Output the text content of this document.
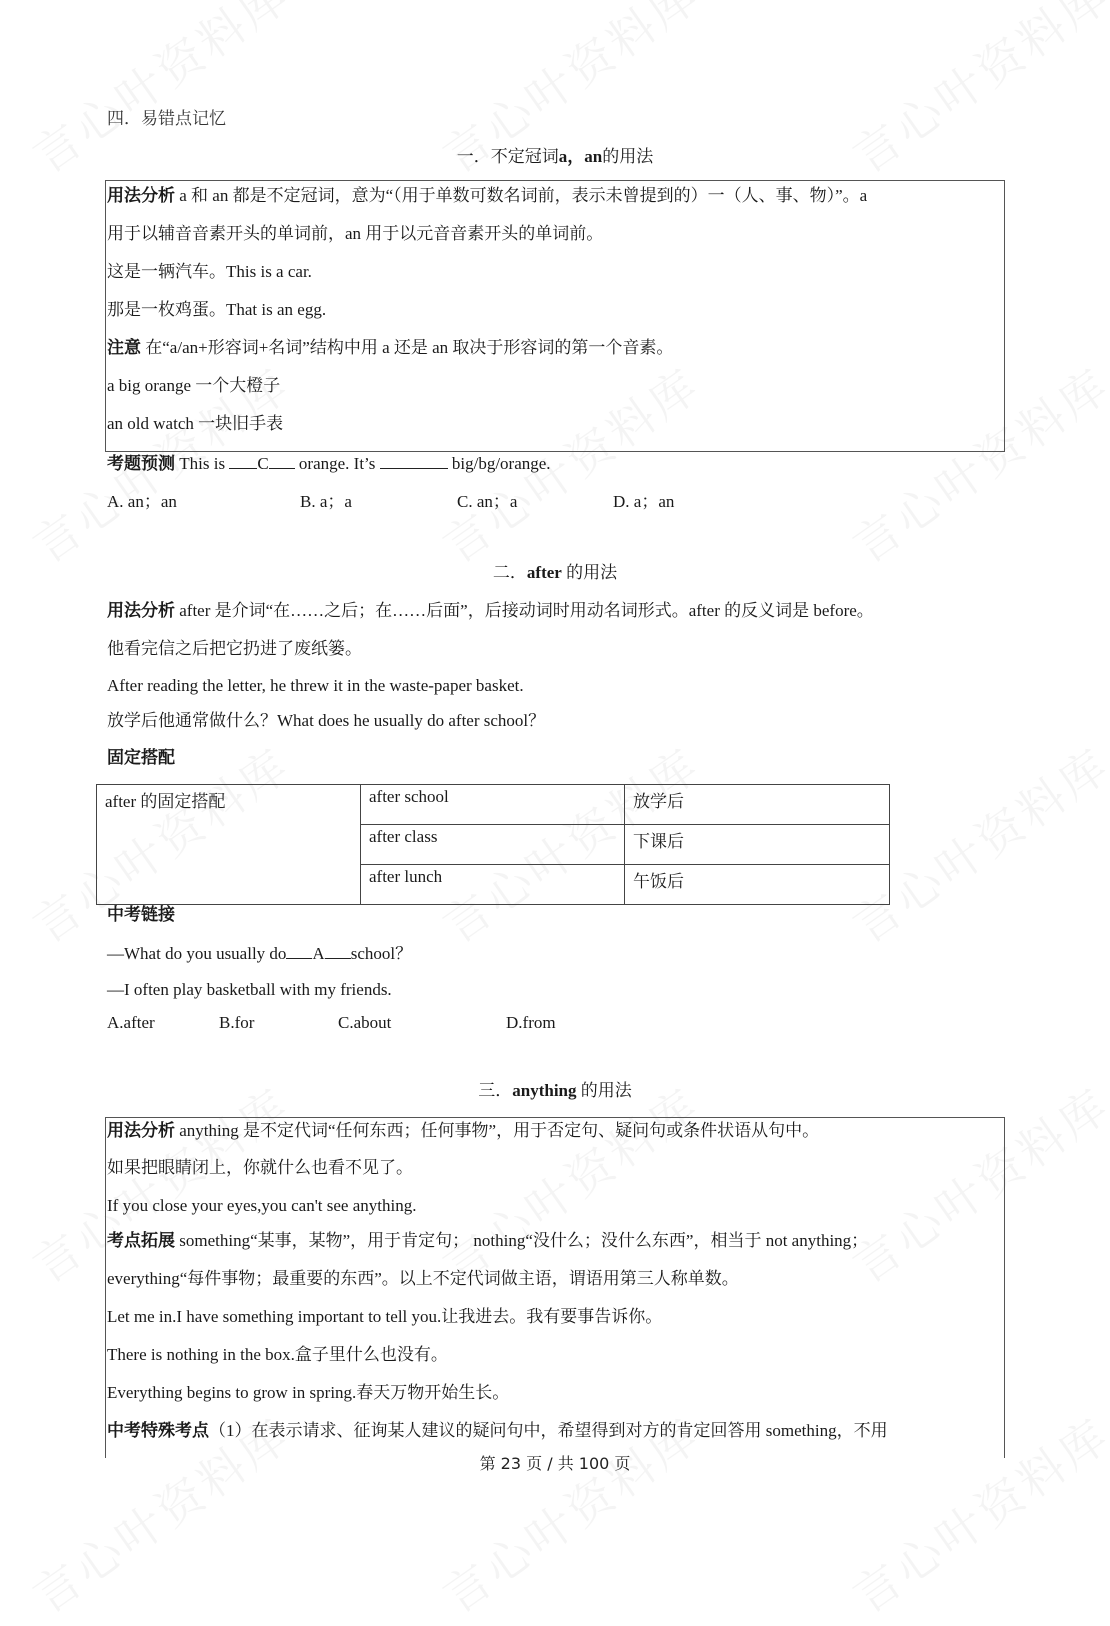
四．易错点记忆
一．不定冠词a，an的用法
用法分析 a 和 an 都是不定冠词，意为“（用于单数可数名词前，表示未曾提到的）一（人、事、物）”。a
用于以辅音音素开头的单词前，an 用于以元音音素开头的单词前。
这是一辆汽车。This is a car.
那是一枚鸡蛋。That is an egg.
注意 在“a/an+形容词+名词”结构中用 a 还是 an 取决于形容词的第一个音素。
a big orange 一个大橙子
an old watch 一块旧手表
考题预测 This is C orange. It’s	big/bg/orange.
A. an；an	B. a；a	C. an；a	D. a；an
二．after 的用法
用法分析 after 是介词“在……之后；在……后面”，后接动词时用动名词形式。after 的反义词是 before。
他看完信之后把它扔进了废纸篓。
After reading the letter, he threw it in the waste-paper basket.
放学后他通常做什么？What does he usually do after school？
固定搭配
after 的固定搭配	after school	放学后
	after class	下课后
	after lunch	午饭后
中考链接
—What do you usually do A school？
—I often play basketball with my friends.
A.after	B.for	C.about	D.from
三．anything 的用法
用法分析 anything 是不定代词“任何东西；任何事物”，用于否定句、疑问句或条件状语从句中。
如果把眼睛闭上，你就什么也看不见了。
If you close your eyes,you can't see anything.
考点拓展 something“某事，某物”，用于肯定句； nothing“没什么；没什么东西”，相当于 not anything；
everything“每件事物；最重要的东西”。以上不定代词做主语，谓语用第三人称单数。
Let me in.I have something important to tell you.让我进去。我有要事告诉你。
There is nothing in the box.盒子里什么也没有。
Everything begins to grow in spring.春天万物开始生长。
中考特殊考点（1）在表示请求、征询某人建议的疑问句中，希望得到对方的肯定回答用 something，不用
第 23 页 / 共 100 页
